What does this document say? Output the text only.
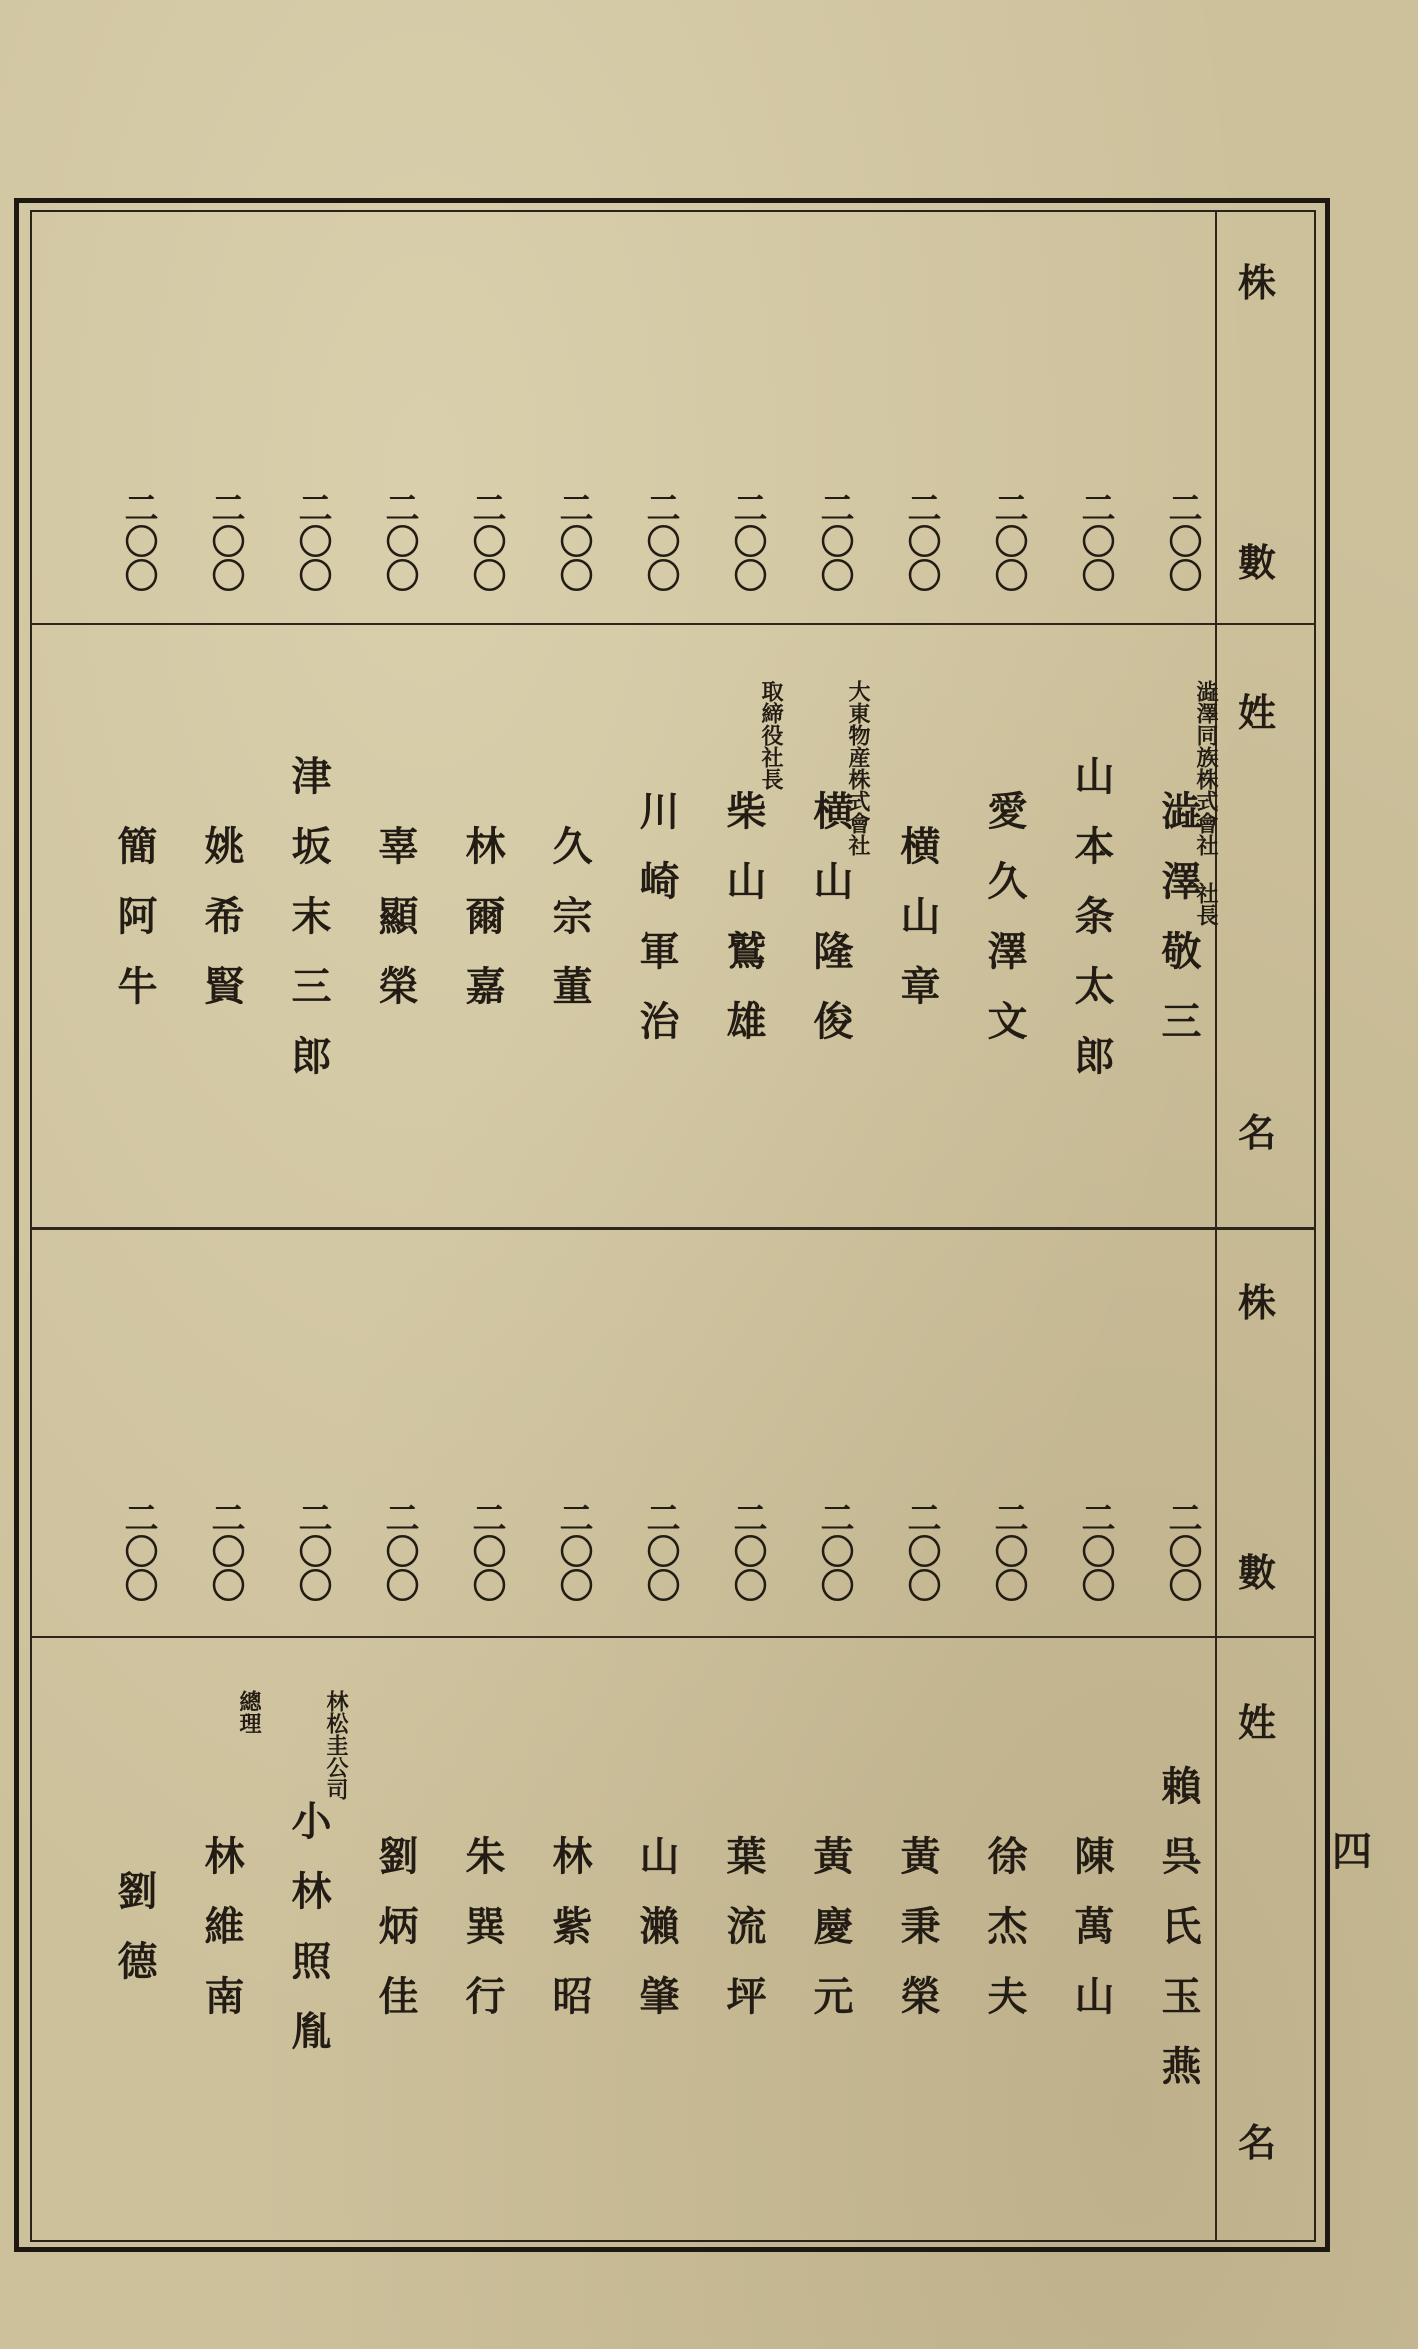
株
數
姓
名
株
數
姓
名
四
二〇〇
澁澤敬三
澁澤同族株式會社 社長
二〇〇
山本条太郎
二〇〇
愛久澤文
二〇〇
横山章
二〇〇
横山隆俊
大東物産株式會社
二〇〇
柴山鷲雄
取締役社長
二〇〇
川崎軍治
二〇〇
久宗董
二〇〇
林爾嘉
二〇〇
辜顯榮
二〇〇
津坂末三郎
二〇〇
姚希賢
二〇〇
簡阿牛
二〇〇
賴呉氏玉燕
二〇〇
陳萬山
二〇〇
徐杰夫
二〇〇
黃秉榮
二〇〇
黃慶元
二〇〇
葉流坪
二〇〇
山瀨肇
二〇〇
林紫昭
二〇〇
朱巽行
二〇〇
劉炳佳
二〇〇
小林照胤
林松圭公司
二〇〇
林維南
總理
二〇〇
劉德
